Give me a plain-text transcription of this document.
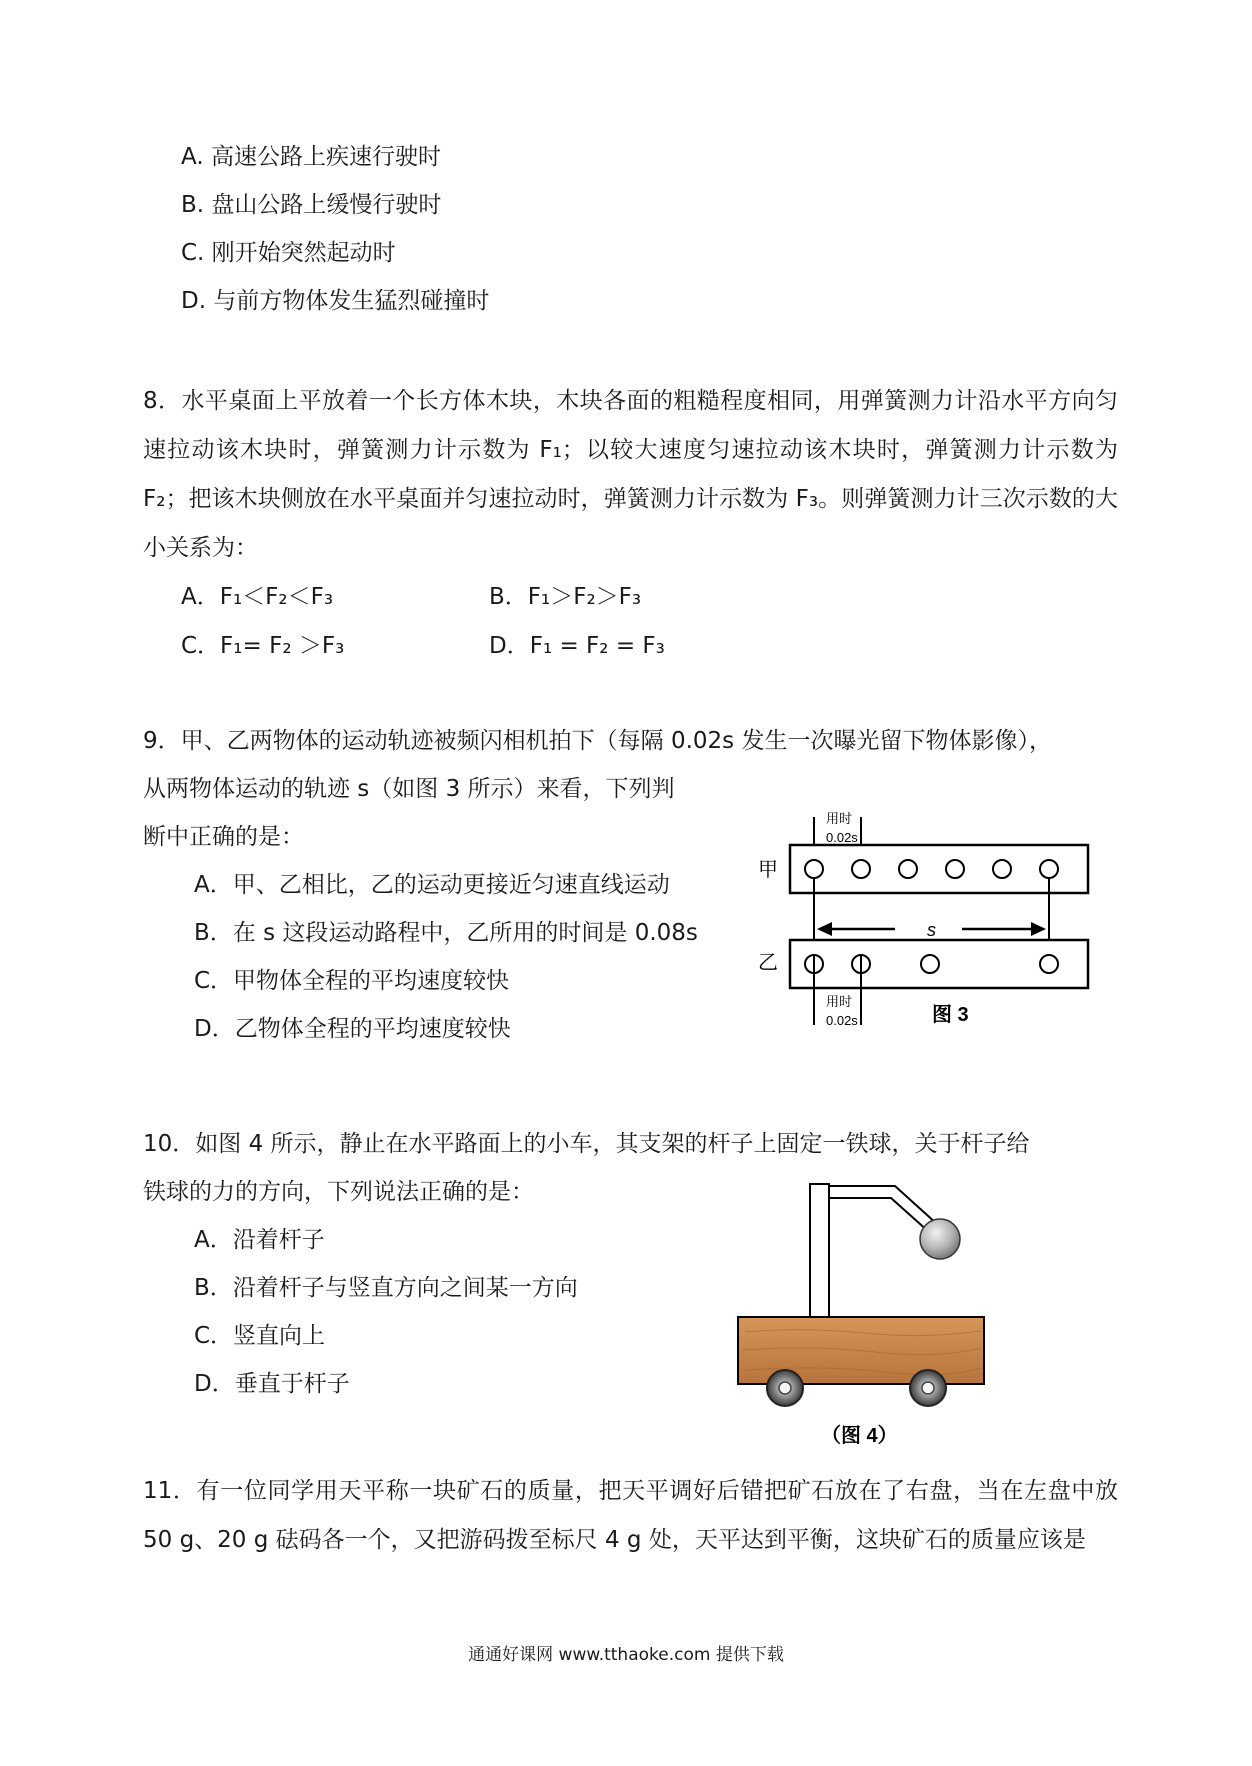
A. 高速公路上疾速行驶时
B. 盘山公路上缓慢行驶时
C. 刚开始突然起动时
D. 与前方物体发生猛烈碰撞时
8．水平桌面上平放着一个长方体木块，木块各面的粗糙程度相同，用弹簧测力计沿水平方向匀速拉动该木块时，弹簧测力计示数为 F₁；以较大速度匀速拉动该木块时，弹簧测力计示数为 F₂；把该木块侧放在水平桌面并匀速拉动时，弹簧测力计示数为 F₃。则弹簧测力计三次示数的大小关系为：
A．F₁＜F₂＜F₃	B．F₁＞F₂＞F₃
C．F₁= F₂ ＞F₃	D．F₁ = F₂ = F₃
9．甲、乙两物体的运动轨迹被频闪相机拍下（每隔 0.02s 发生一次曝光留下物体影像），
从两物体运动的轨迹 s（如图 3 所示）来看，下列判
断中正确的是：
A．甲、乙相比，乙的运动更接近匀速直线运动
B．在 s 这段运动路程中，乙所用的时间是 0.08s
C．甲物体全程的平均速度较快
D．乙物体全程的平均速度较快
用时
0.02s
甲
s
乙
用时
0.02s	图 3
10．如图 4 所示，静止在水平路面上的小车，其支架的杆子上固定一铁球，关于杆子给
铁球的力的方向，下列说法正确的是：
A．沿着杆子
B．沿着杆子与竖直方向之间某一方向
C．竖直向上
D．垂直于杆子
（图 4）
11．有一位同学用天平称一块矿石的质量，把天平调好后错把矿石放在了右盘，当在左盘中放 50 g、20 g 砝码各一个，又把游码拨至标尺 4 g 处，天平达到平衡，这块矿石的质量应该是
通通好课网 www.tthaoke.com 提供下载
